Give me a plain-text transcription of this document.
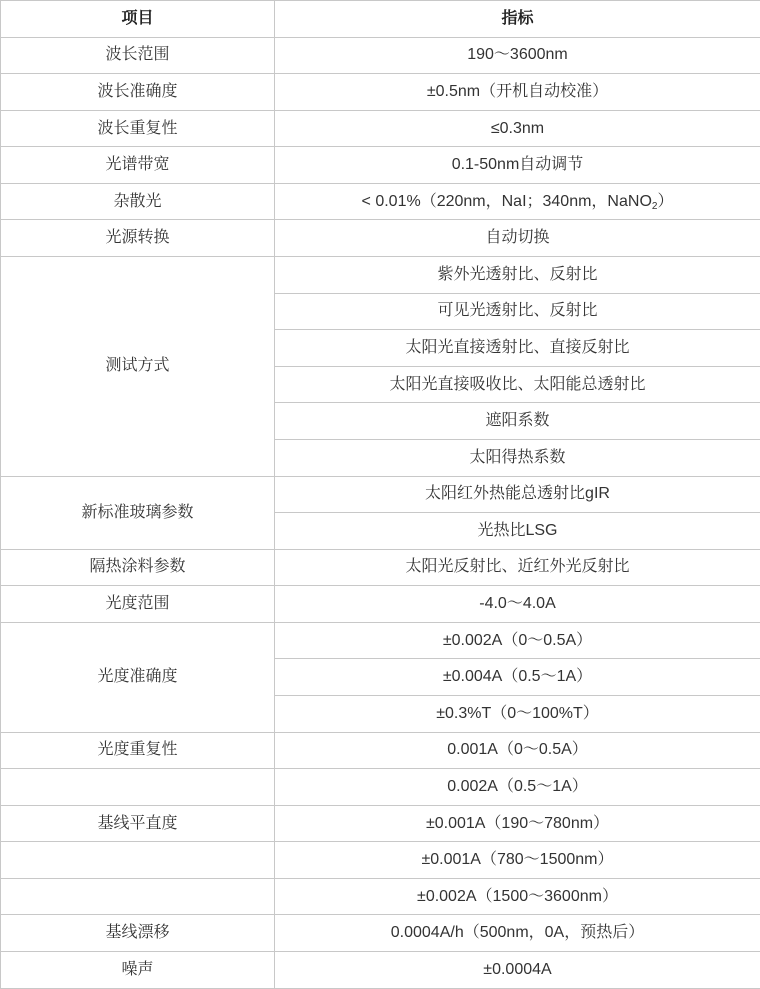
项目	指标
波长范围	190～3600nm
波长准确度	±0.5nm（开机自动校准）
波长重复性	≤0.3nm
光谱带宽	0.1-50nm自动调节
杂散光	< 0.01%（220nm，NaI；340nm，NaNO$_2$）
光源转换	自动切换
测试方式	紫外光透射比、反射比
	可见光透射比、反射比
	太阳光直接透射比、直接反射比
	太阳光直接吸收比、太阳能总透射比
	遮阳系数
	太阳得热系数
新标准玻璃参数	太阳红外热能总透射比gIR
	光热比LSG
隔热涂料参数	太阳光反射比、近红外光反射比
光度范围	-4.0～4.0A
光度准确度	±0.002A（0～0.5A）
	±0.004A（0.5～1A）
	±0.3%T（0～100%T）
光度重复性	0.001A（0～0.5A）
	0.002A（0.5～1A）
基线平直度	±0.001A（190～780nm）
	±0.001A（780～1500nm）
	±0.002A（1500～3600nm）
基线漂移	0.0004A/h（500nm，0A，预热后）
噪声	±0.0004A
